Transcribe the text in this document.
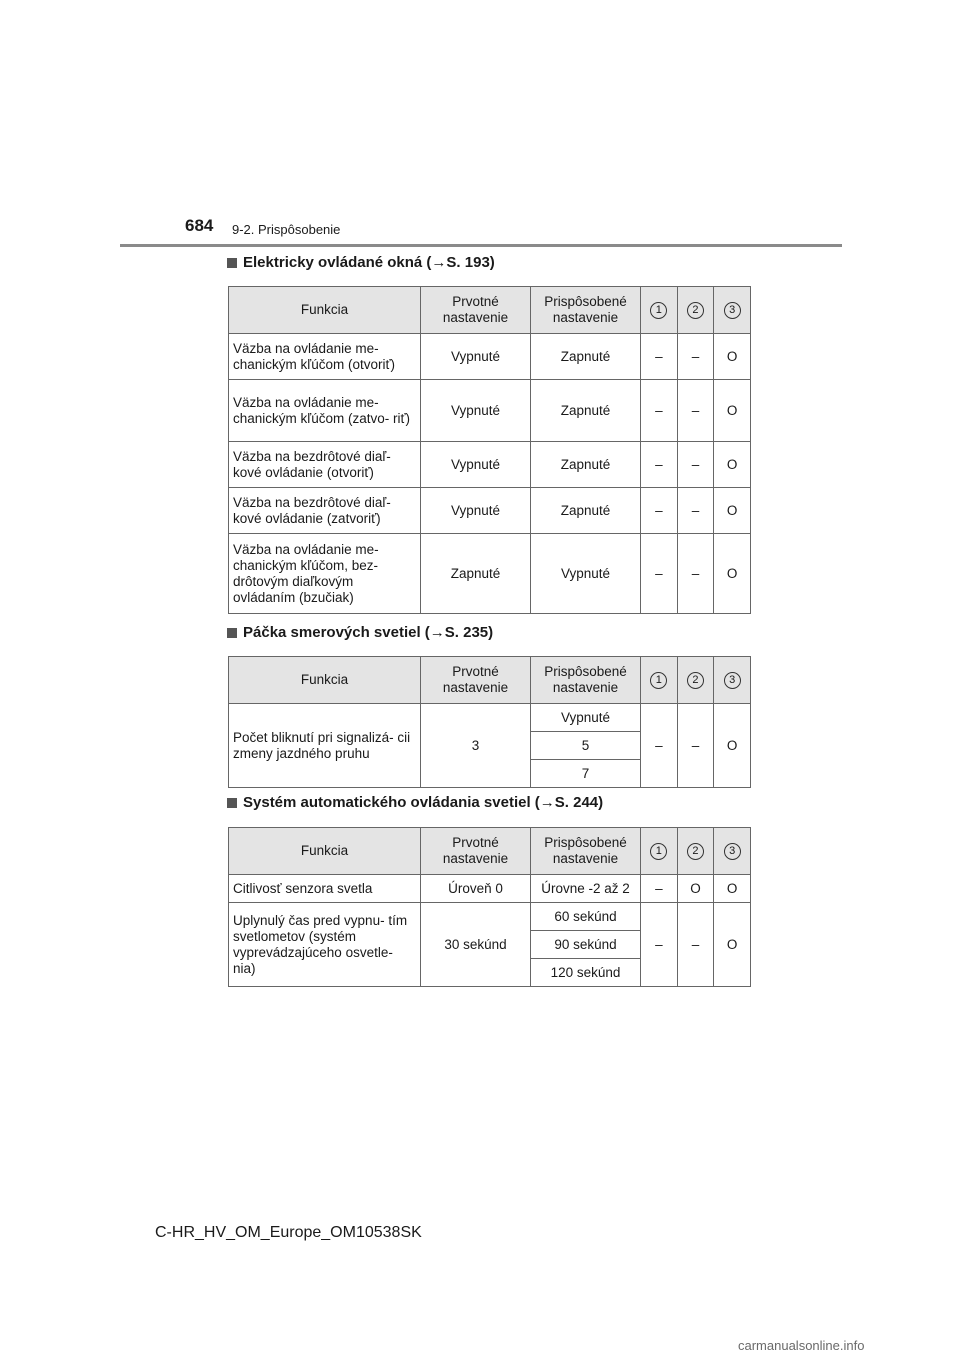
684 9-2. Prispôsobenie
Elektricky ovládané okná (→S. 193)
Funkcia	Prvotné nastavenie	Prispôsobené nastavenie	1	2	3
Väzba na ovládanie me- chanickým kľúčom (otvoriť)	Vypnuté	Zapnuté	–	–	O
Väzba na ovládanie me- chanickým kľúčom (zatvo- riť)	Vypnuté	Zapnuté	–	–	O
Väzba na bezdrôtové diaľ- kové ovládanie (otvoriť)	Vypnuté	Zapnuté	–	–	O
Väzba na bezdrôtové diaľ- kové ovládanie (zatvoriť)	Vypnuté	Zapnuté	–	–	O
Väzba na ovládanie me- chanickým kľúčom, bez- drôtovým diaľkovým ovládaním (bzučiak)	Zapnuté	Vypnuté	–	–	O
Páčka smerových svetiel (→S. 235)
Funkcia	Prvotné nastavenie	Prispôsobené nastavenie	1	2	3
Počet bliknutí pri signalizá- cii zmeny jazdného pruhu	3	Vypnuté	–	–	O
		5			
		7			
Systém automatického ovládania svetiel (→S. 244)
Funkcia	Prvotné nastavenie	Prispôsobené nastavenie	1	2	3
Citlivosť senzora svetla	Úroveň 0	Úrovne -2 až 2	–	O	O
Uplynulý čas pred vypnu- tím svetlometov (systém vyprevádzajúceho osvetle- nia)	30 sekúnd	60 sekúnd	–	–	O
		90 sekúnd			
		120 sekúnd			
C-HR_HV_OM_Europe_OM10538SK
carmanualsonline.info
